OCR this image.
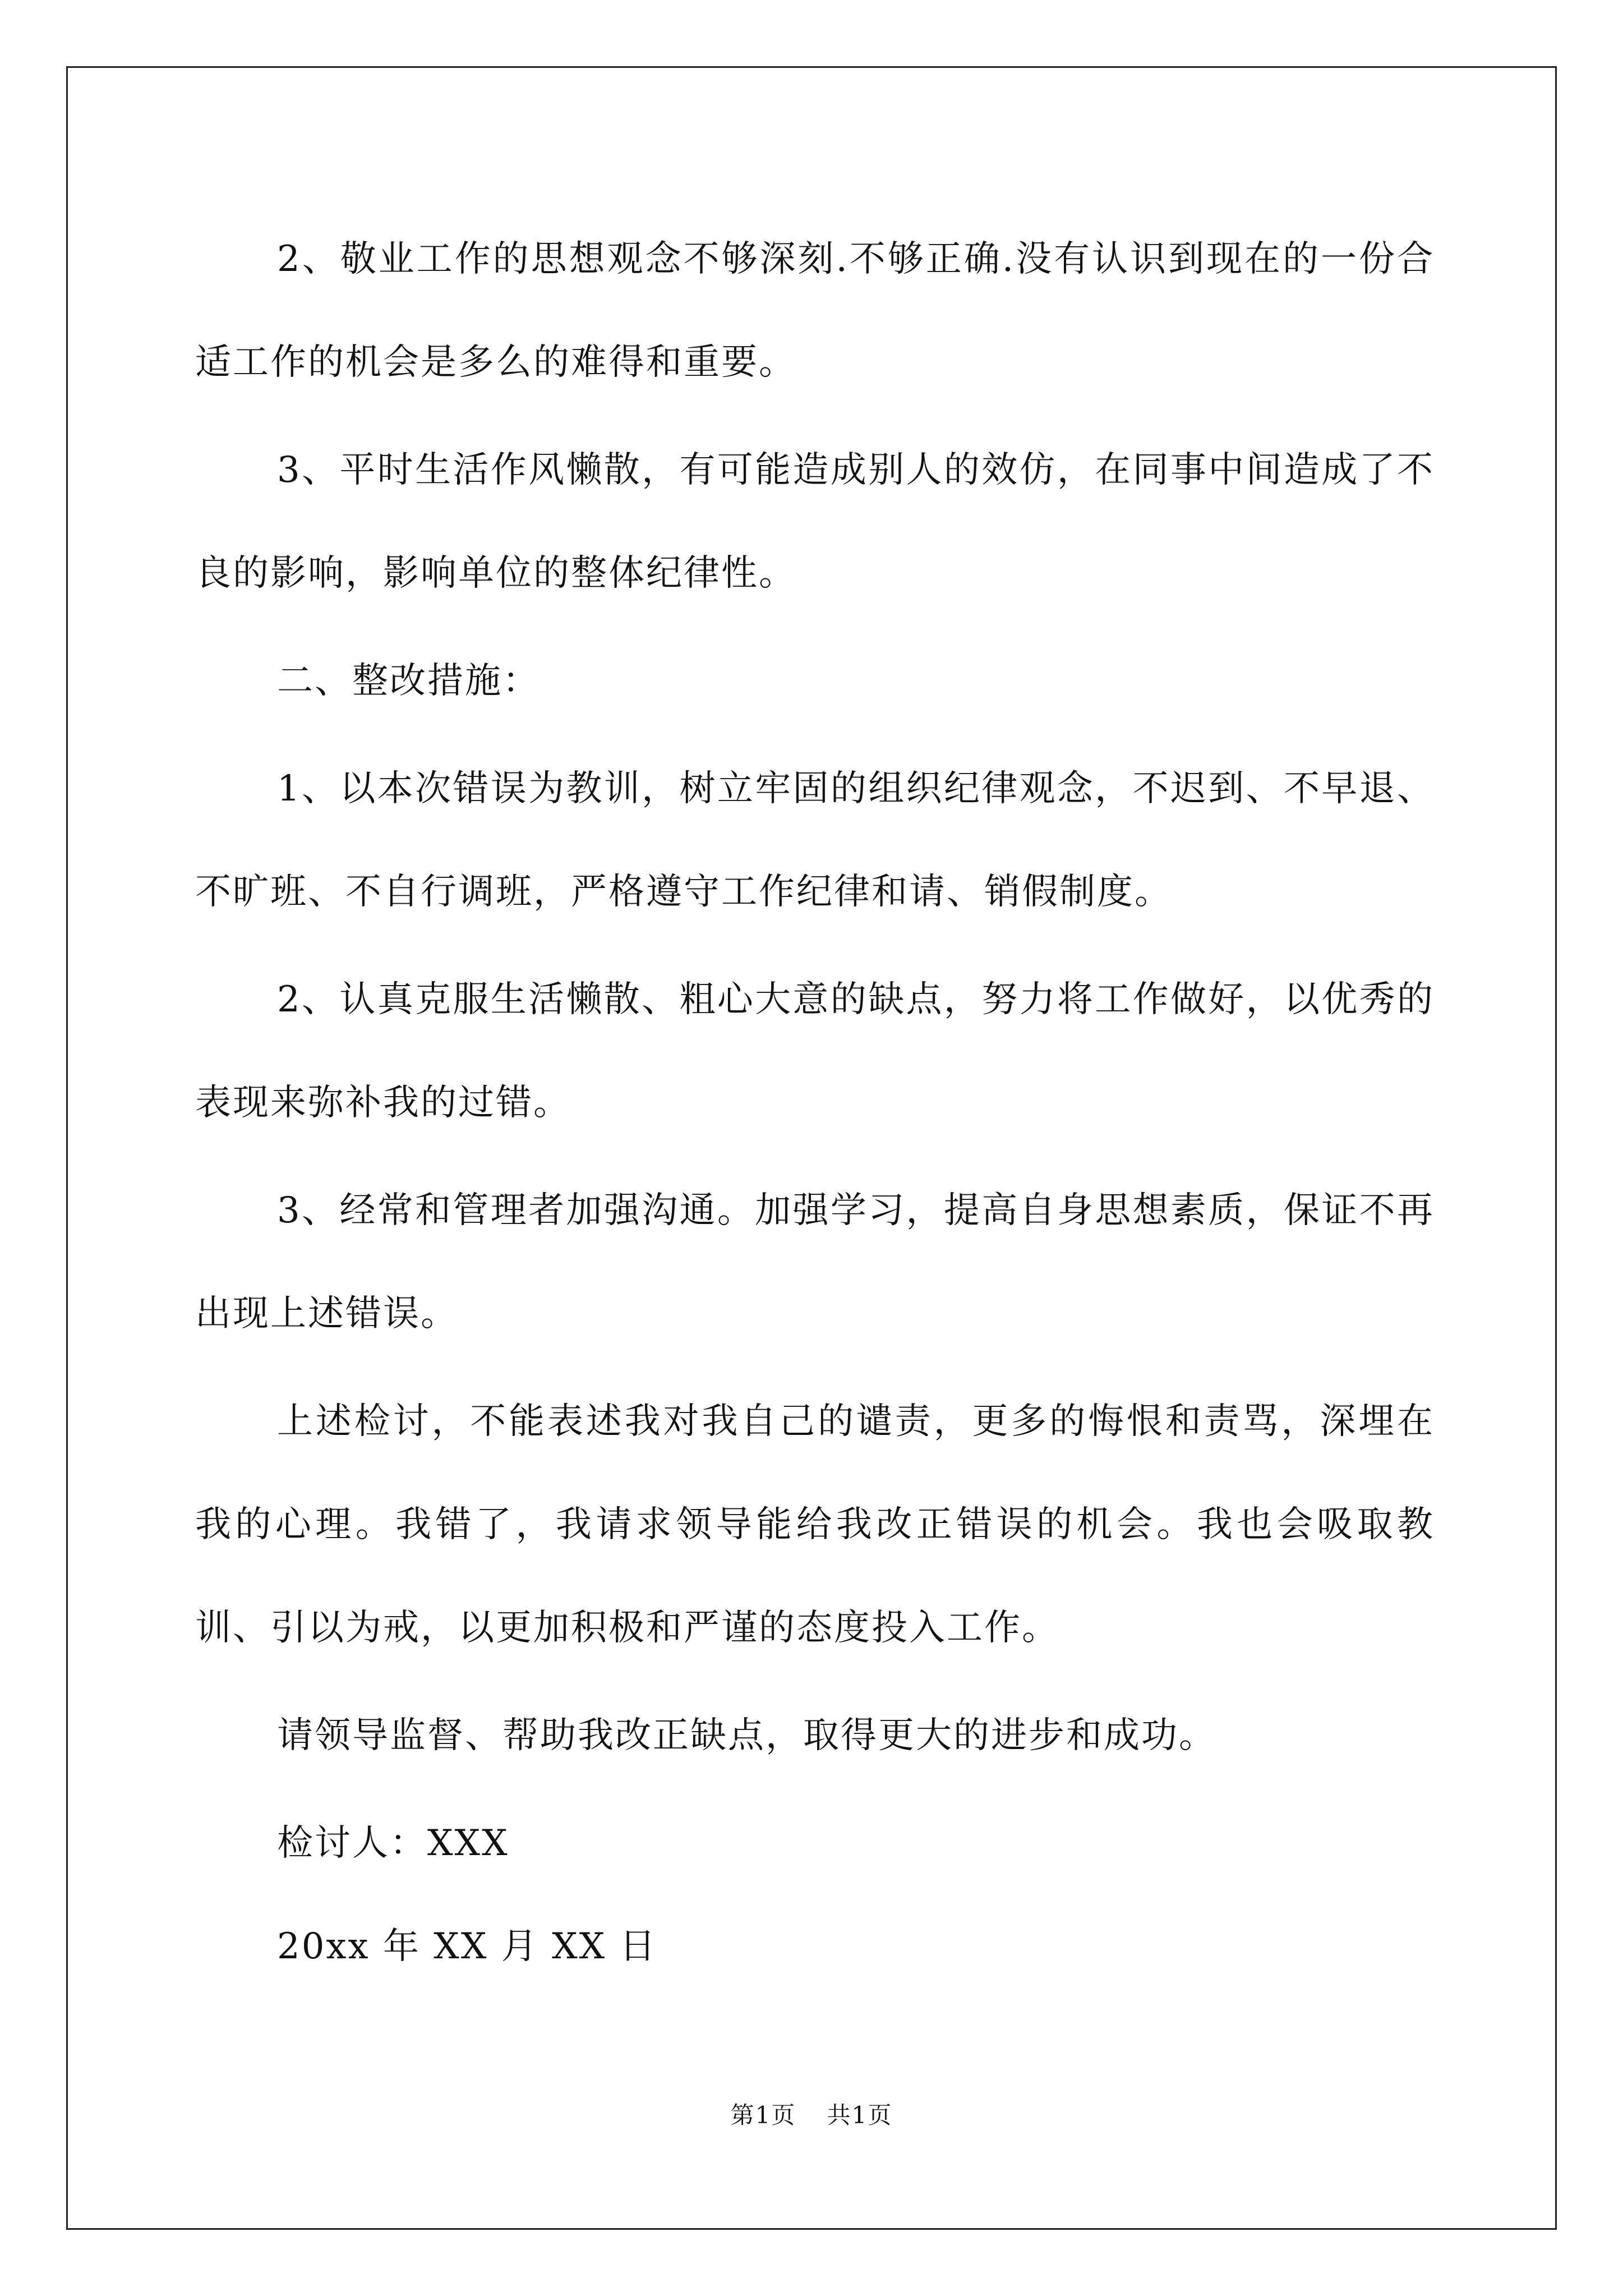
2、敬业工作的思想观念不够深刻.不够正确.没有认识到现在的一份合适工作的机会是多么的难得和重要。

3、平时生活作风懒散，有可能造成别人的效仿，在同事中间造成了不良的影响，影响单位的整体纪律性。

二、整改措施：

1、以本次错误为教训，树立牢固的组织纪律观念，不迟到、不早退、不旷班、不自行调班，严格遵守工作纪律和请、销假制度。

2、认真克服生活懒散、粗心大意的缺点，努力将工作做好，以优秀的表现来弥补我的过错。

3、经常和管理者加强沟通。加强学习，提高自身思想素质，保证不再出现上述错误。

上述检讨，不能表述我对我自己的谴责，更多的悔恨和责骂，深埋在我的心理。我错了，我请求领导能给我改正错误的机会。我也会吸取教训、引以为戒，以更加积极和严谨的态度投入工作。

请领导监督、帮助我改正缺点，取得更大的进步和成功。

检讨人：XXX

20xx 年 XX 月 XX 日

第1页 共1页
